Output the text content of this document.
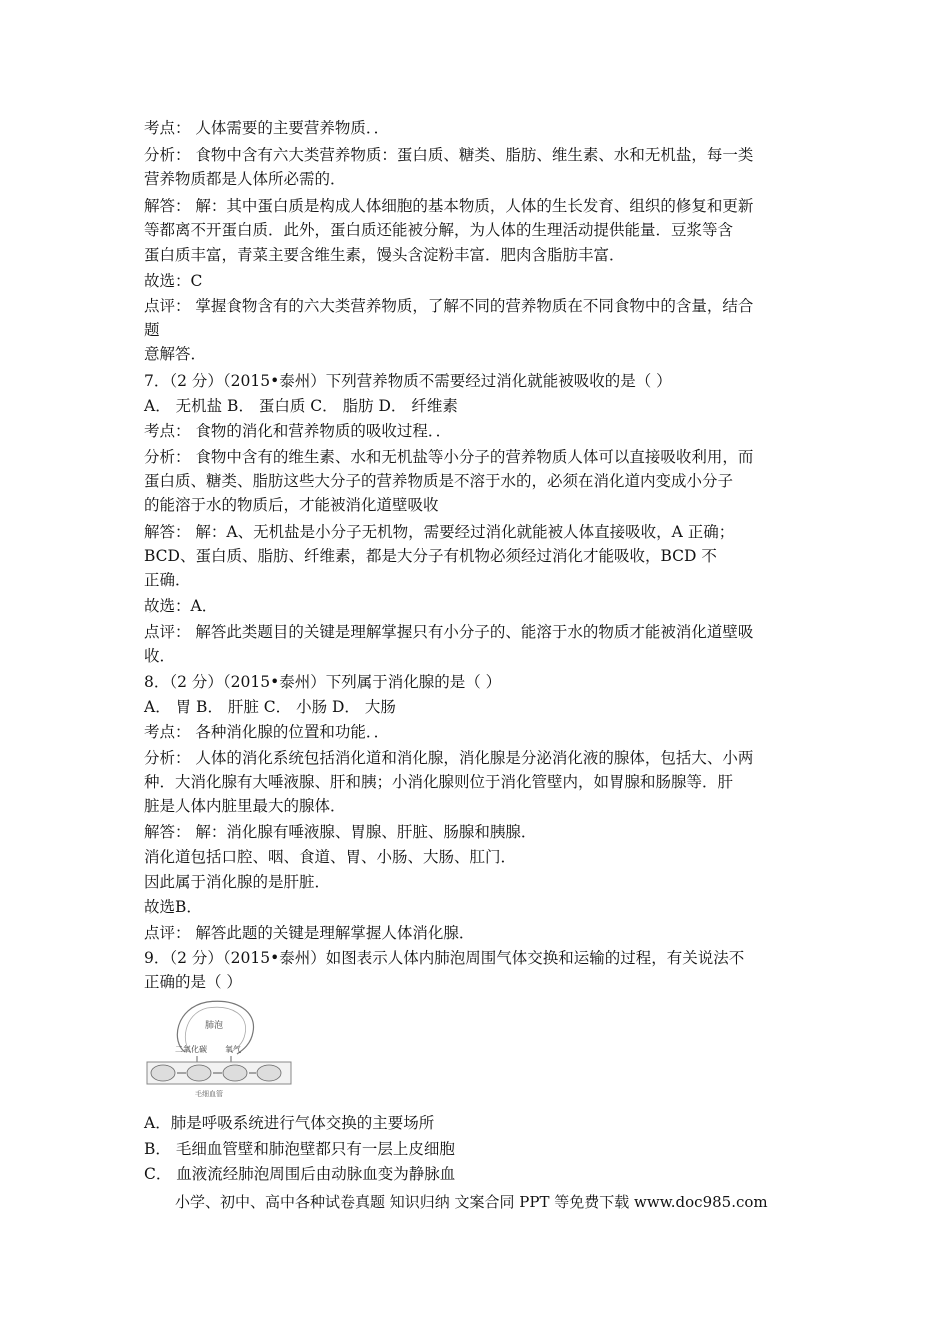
考点： 人体需要的主要营养物质．．
分析： 食物中含有六大类营养物质：蛋白质、糖类、脂肪、维生素、水和无机盐，每一类
营养物质都是人体所必需的．
解答： 解：其中蛋白质是构成人体细胞的基本物质，人体的生长发育、组织的修复和更新
等都离不开蛋白质．此外，蛋白质还能被分解，为人体的生理活动提供能量．豆浆等含
蛋白质丰富，青菜主要含维生素，馒头含淀粉丰富．肥肉含脂肪丰富．
故选：C
点评： 掌握食物含有的六大类营养物质，了解不同的营养物质在不同食物中的含量，结合
题
意解答．
7．（2 分）（2015•泰州）下列营养物质不需要经过消化就能被吸收的是（ ）
A． 无机盐 B． 蛋白质 C． 脂肪 D． 纤维素
考点： 食物的消化和营养物质的吸收过程．．
分析： 食物中含有的维生素、水和无机盐等小分子的营养物质人体可以直接吸收利用，而
蛋白质、糖类、脂肪这些大分子的营养物质是不溶于水的，必须在消化道内变成小分子
的能溶于水的物质后，才能被消化道壁吸收
解答： 解：A、无机盐是小分子无机物，需要经过消化就能被人体直接吸收，A 正确；
BCD、蛋白质、脂肪、纤维素，都是大分子有机物必须经过消化才能吸收，BCD 不
正确．
故选：A．
点评： 解答此类题目的关键是理解掌握只有小分子的、能溶于水的物质才能被消化道壁吸
收．
8．（2 分）（2015•泰州）下列属于消化腺的是（ ）
A． 胃 B． 肝脏 C． 小肠 D． 大肠
考点： 各种消化腺的位置和功能．．
分析： 人体的消化系统包括消化道和消化腺，消化腺是分泌消化液的腺体，包括大、小两
种．大消化腺有大唾液腺、肝和胰；小消化腺则位于消化管壁内，如胃腺和肠腺等．肝
脏是人体内脏里最大的腺体．
解答： 解：消化腺有唾液腺、胃腺、肝脏、肠腺和胰腺．
消化道包括口腔、咽、食道、胃、小肠、大肠、肛门．
因此属于消化腺的是肝脏．
故选B．
点评： 解答此题的关键是理解掌握人体消化腺．
9．（2 分）（2015•泰州）如图表示人体内肺泡周围气体交换和运输的过程，有关说法不
正确的是（ ）
肺泡
二氧化碳 氧气
毛细血管
A．肺是呼吸系统进行气体交换的主要场所
B． 毛细血管壁和肺泡壁都只有一层上皮细胞
C． 血液流经肺泡周围后由动脉血变为静脉血
小学、初中、高中各种试卷真题 知识归纳 文案合同 PPT 等免费下载 www.doc985.com
